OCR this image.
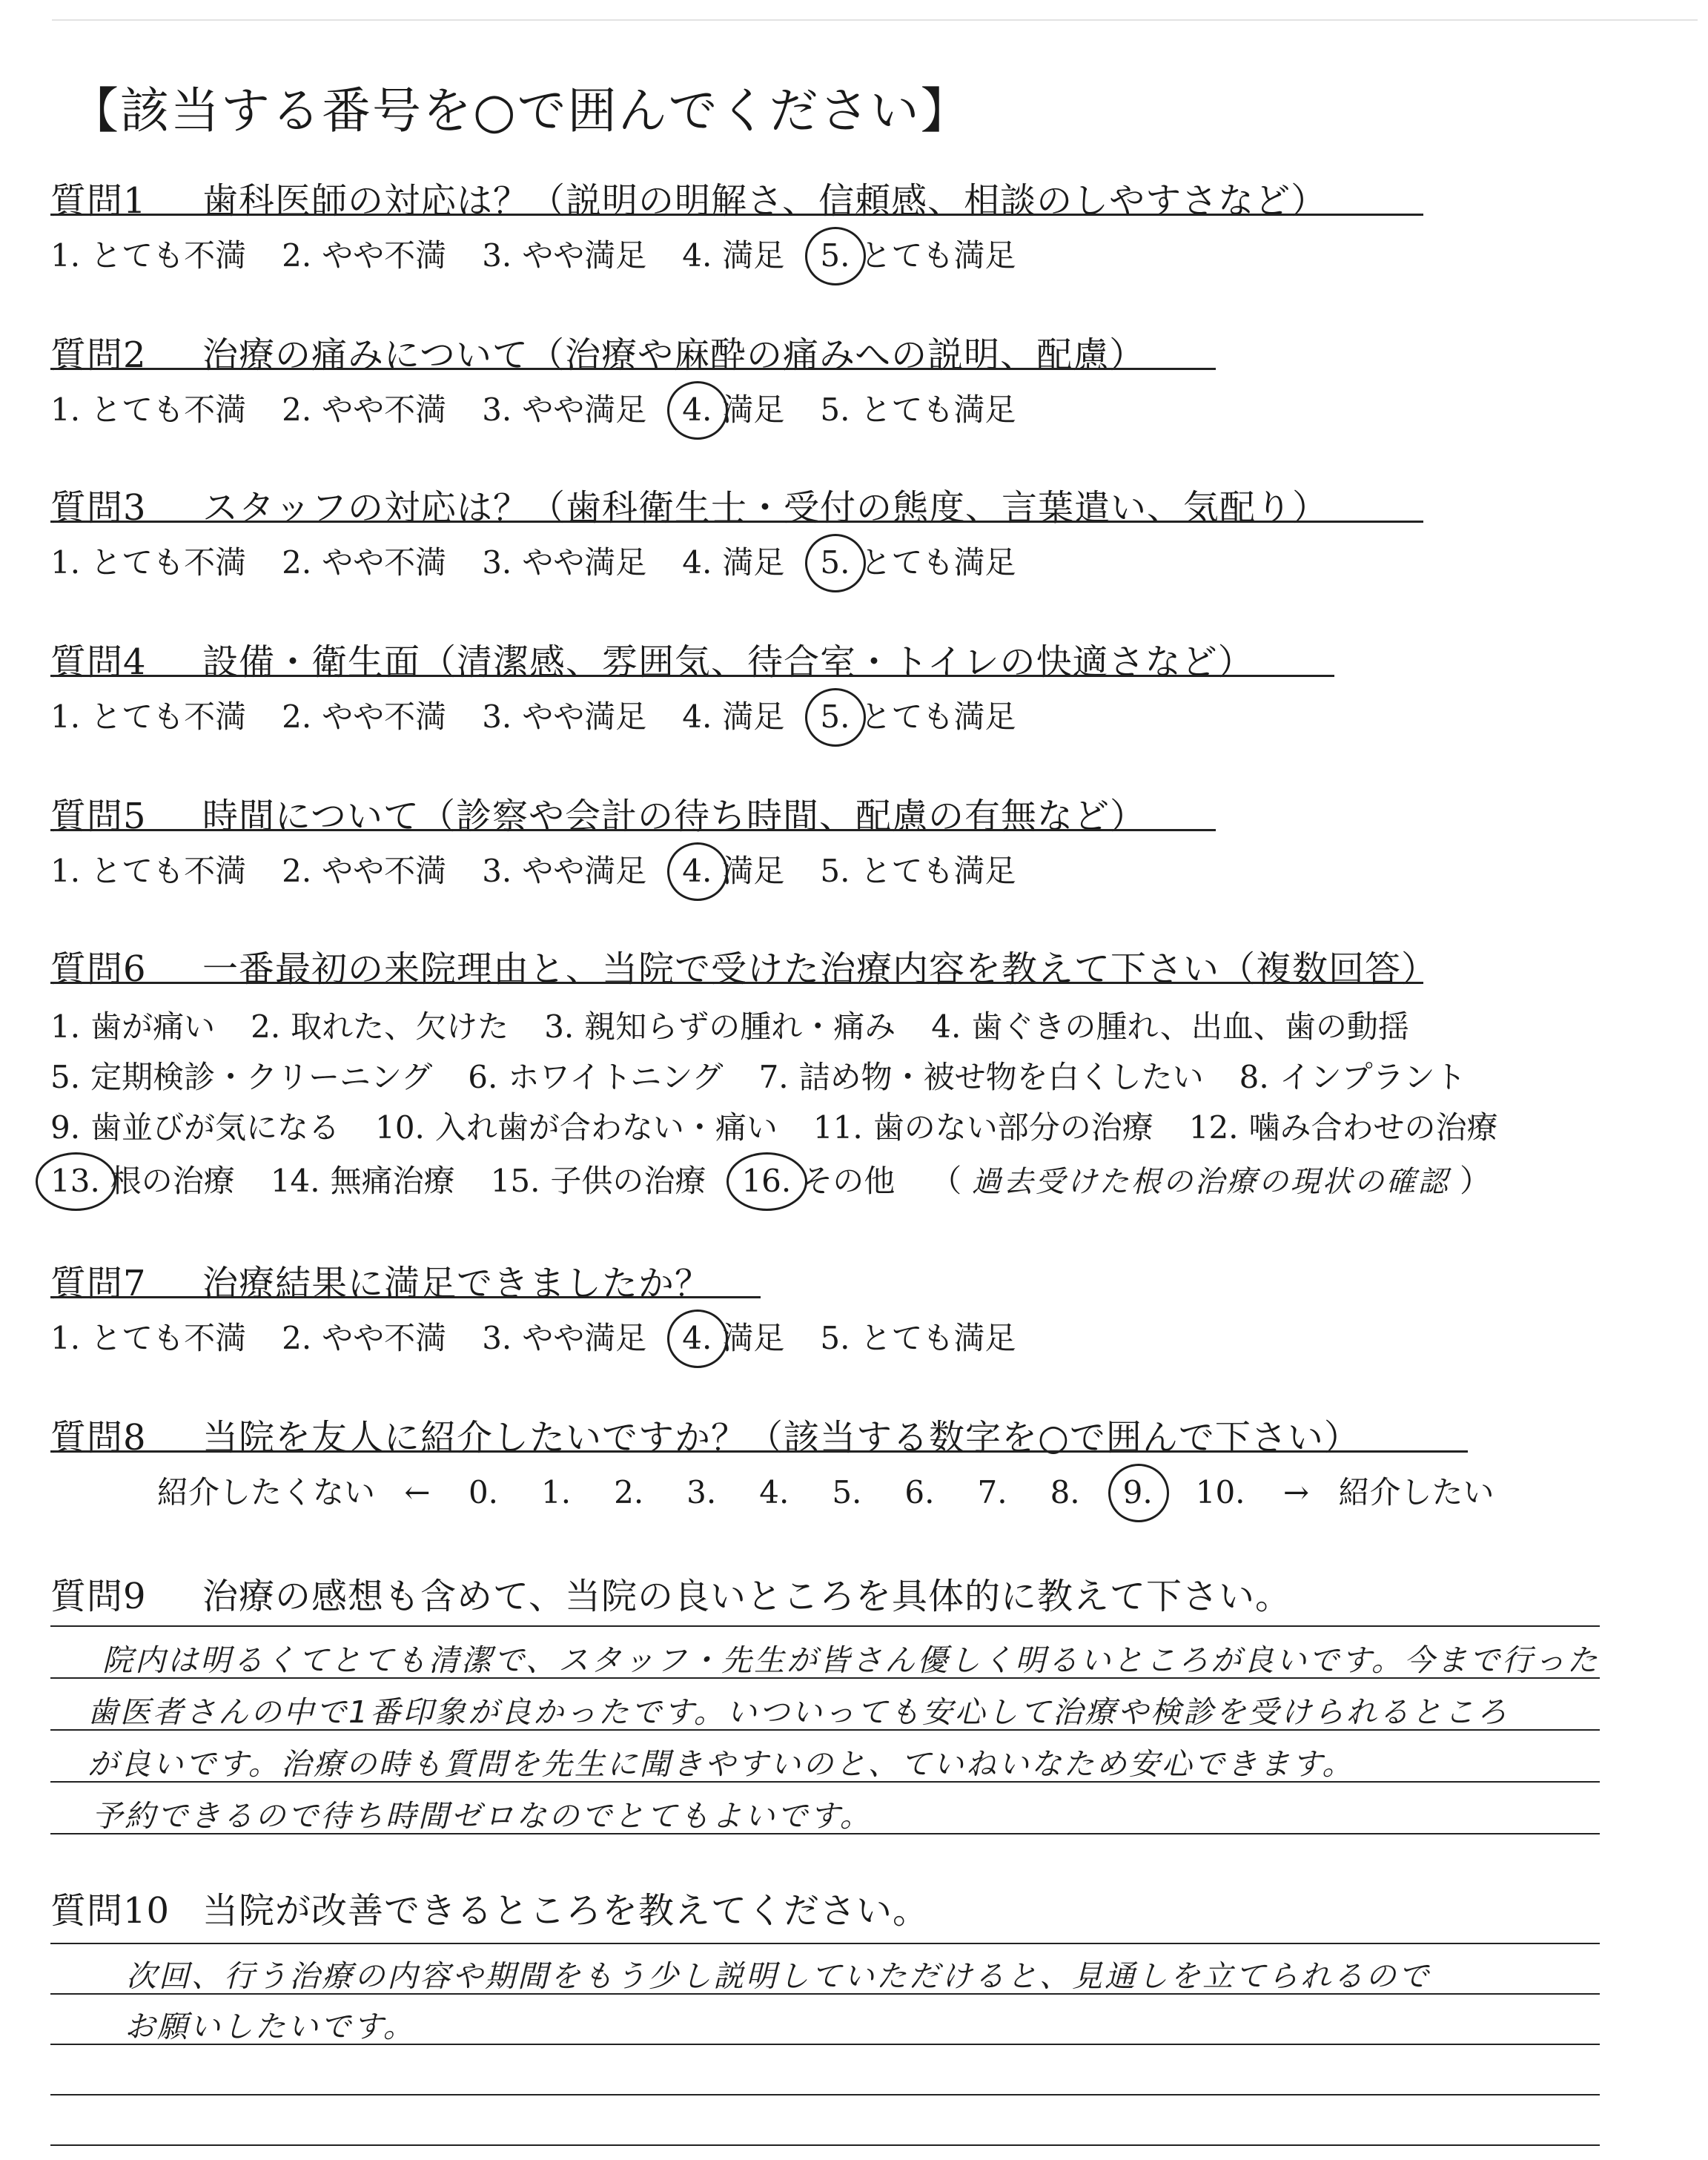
【該当する番号を○で囲んでください】
質問1 歯科医師の対応は？（説明の明解さ、信頼感、相談のしやすさなど）
1. とても不満 2. やや不満 3. やや満足 4. 満足 5. とても満足
質問2 治療の痛みについて（治療や麻酔の痛みへの説明、配慮）
1. とても不満 2. やや不満 3. やや満足 4. 満足 5. とても満足
質問3 スタッフの対応は？（歯科衛生士・受付の態度、言葉遣い、気配り）
1. とても不満 2. やや不満 3. やや満足 4. 満足 5. とても満足
質問4 設備・衛生面（清潔感、雰囲気、待合室・トイレの快適さなど）
1. とても不満 2. やや不満 3. やや満足 4. 満足 5. とても満足
質問5 時間について（診察や会計の待ち時間、配慮の有無など）
1. とても不満 2. やや不満 3. やや満足 4. 満足 5. とても満足
質問6 一番最初の来院理由と、当院で受けた治療内容を教えて下さい（複数回答）
1. 歯が痛い 2. 取れた、欠けた 3. 親知らずの腫れ・痛み 4. 歯ぐきの腫れ、出血、歯の動揺
5. 定期検診・クリーニング 6. ホワイトニング 7. 詰め物・被せ物を白くしたい 8. インプラント
9. 歯並びが気になる 10. 入れ歯が合わない・痛い 11. 歯のない部分の治療 12. 噛み合わせの治療
13. 根の治療 14. 無痛治療 15. 子供の治療 16. その他 （ 過去受けた根の治療の現状の確認 ）
質問7 治療結果に満足できましたか？
1. とても不満 2. やや不満 3. やや満足 4. 満足 5. とても満足
質問8 当院を友人に紹介したいですか？（該当する数字を○で囲んで下さい）
紹介したくない ← 0. 1. 2. 3. 4. 5. 6. 7. 8. 9. 10. → 紹介したい
質問9 治療の感想も含めて、当院の良いところを具体的に教えて下さい。
院内は明るくてとても清潔で、スタッフ・先生が皆さん優しく明るいところが良いです。今まで行った
歯医者さんの中で1番印象が良かったです。いついっても安心して治療や検診を受けられるところ
が良いです。治療の時も質問を先生に聞きやすいのと、ていねいなため安心できます。
予約できるので待ち時間ゼロなのでとてもよいです。
質問10 当院が改善できるところを教えてください。
次回、行う治療の内容や期間をもう少し説明していただけると、見通しを立てられるので
お願いしたいです。
